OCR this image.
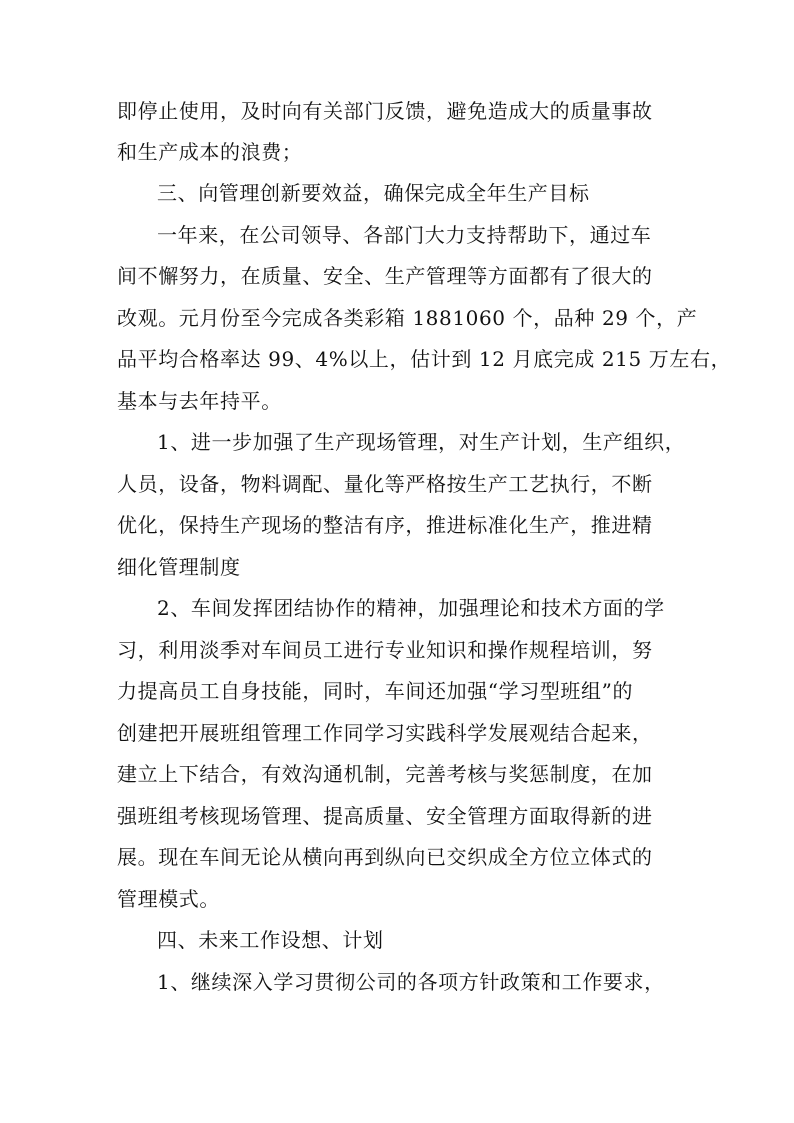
即停止使用，及时向有关部门反馈，避免造成大的质量事故
和生产成本的浪费；
三、向管理创新要效益，确保完成全年生产目标
一年来，在公司领导、各部门大力支持帮助下，通过车
间不懈努力，在质量、安全、生产管理等方面都有了很大的
改观。元月份至今完成各类彩箱 1881060 个，品种 29 个，产
品平均合格率达 99、4%以上，估计到 12 月底完成 215 万左右，
基本与去年持平。
1、进一步加强了生产现场管理，对生产计划，生产组织，
人员，设备，物料调配、量化等严格按生产工艺执行，不断
优化，保持生产现场的整洁有序，推进标准化生产，推进精
细化管理制度
2、车间发挥团结协作的精神，加强理论和技术方面的学
习，利用淡季对车间员工进行专业知识和操作规程培训，努
力提高员工自身技能，同时，车间还加强“学习型班组”的
创建把开展班组管理工作同学习实践科学发展观结合起来，
建立上下结合，有效沟通机制，完善考核与奖惩制度，在加
强班组考核现场管理、提高质量、安全管理方面取得新的进
展。现在车间无论从横向再到纵向已交织成全方位立体式的
管理模式。
四、未来工作设想、计划
1、继续深入学习贯彻公司的各项方针政策和工作要求，
